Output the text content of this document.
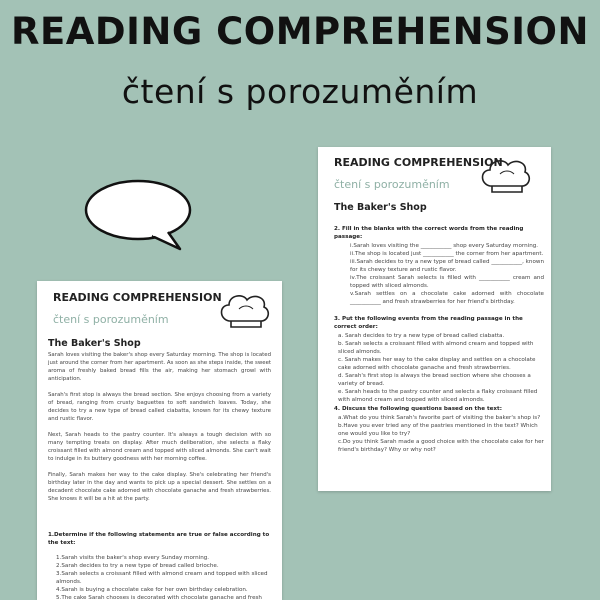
READING COMPREHENSION
čtení s porozuměním
READING COMPREHENSION
čtení s porozuměním
The Baker's Shop

2. Fill in the blanks with the correct words from the reading passage:

i.Sarah loves visiting the ___________ shop every Saturday morning.

ii.The shop is located just ___________ the corner from her apartment.

iii.Sarah decides to try a new type of bread called ___________, known for its chewy texture and rustic flavor.

iv.The croissant Sarah selects is filled with ___________ cream and topped with sliced almonds.

v.Sarah settles on a chocolate cake adorned with chocolate ___________ and fresh strawberries for her friend's birthday.

3. Put the following events from the reading passage in the correct order:

a. Sarah decides to try a new type of bread called ciabatta.

b. Sarah selects a croissant filled with almond cream and topped with sliced almonds.

c. Sarah makes her way to the cake display and settles on a chocolate cake adorned with chocolate ganache and fresh strawberries.

d. Sarah's first stop is always the bread section where she chooses a variety of bread.

e. Sarah heads to the pastry counter and selects a flaky croissant filled with almond cream and topped with sliced almonds.

4. Discuss the following questions based on the text:

a.What do you think Sarah's favorite part of visiting the baker's shop is?

b.Have you ever tried any of the pastries mentioned in the text? Which one would you like to try?

c.Do you think Sarah made a good choice with the chocolate cake for her friend's birthday? Why or why not?

READING COMPREHENSION
čtení s porozuměním
The Baker's Shop

Sarah loves visiting the baker's shop every Saturday morning. The shop is located just around the corner from her apartment. As soon as she steps inside, the sweet aroma of freshly baked bread fills the air, making her stomach growl with anticipation.

Sarah's first stop is always the bread section. She enjoys choosing from a variety of bread, ranging from crusty baguettes to soft sandwich loaves. Today, she decides to try a new type of bread called ciabatta, known for its chewy texture and rustic flavor.

Next, Sarah heads to the pastry counter. It's always a tough decision with so many tempting treats on display. After much deliberation, she selects a flaky croissant filled with almond cream and topped with sliced almonds. She can't wait to indulge in its buttery goodness with her morning coffee.

Finally, Sarah makes her way to the cake display. She's celebrating her friend's birthday later in the day and wants to pick up a special dessert. She settles on a decadent chocolate cake adorned with chocolate ganache and fresh strawberries. She knows it will be a hit at the party.

1.Determine if the following statements are true or false according to the text:

1.Sarah visits the baker's shop every Sunday morning.

2.Sarah decides to try a new type of bread called brioche.

3.Sarah selects a croissant filled with almond cream and topped with sliced almonds.

4.Sarah is buying a chocolate cake for her own birthday celebration.

5.The cake Sarah chooses is decorated with chocolate ganache and fresh
